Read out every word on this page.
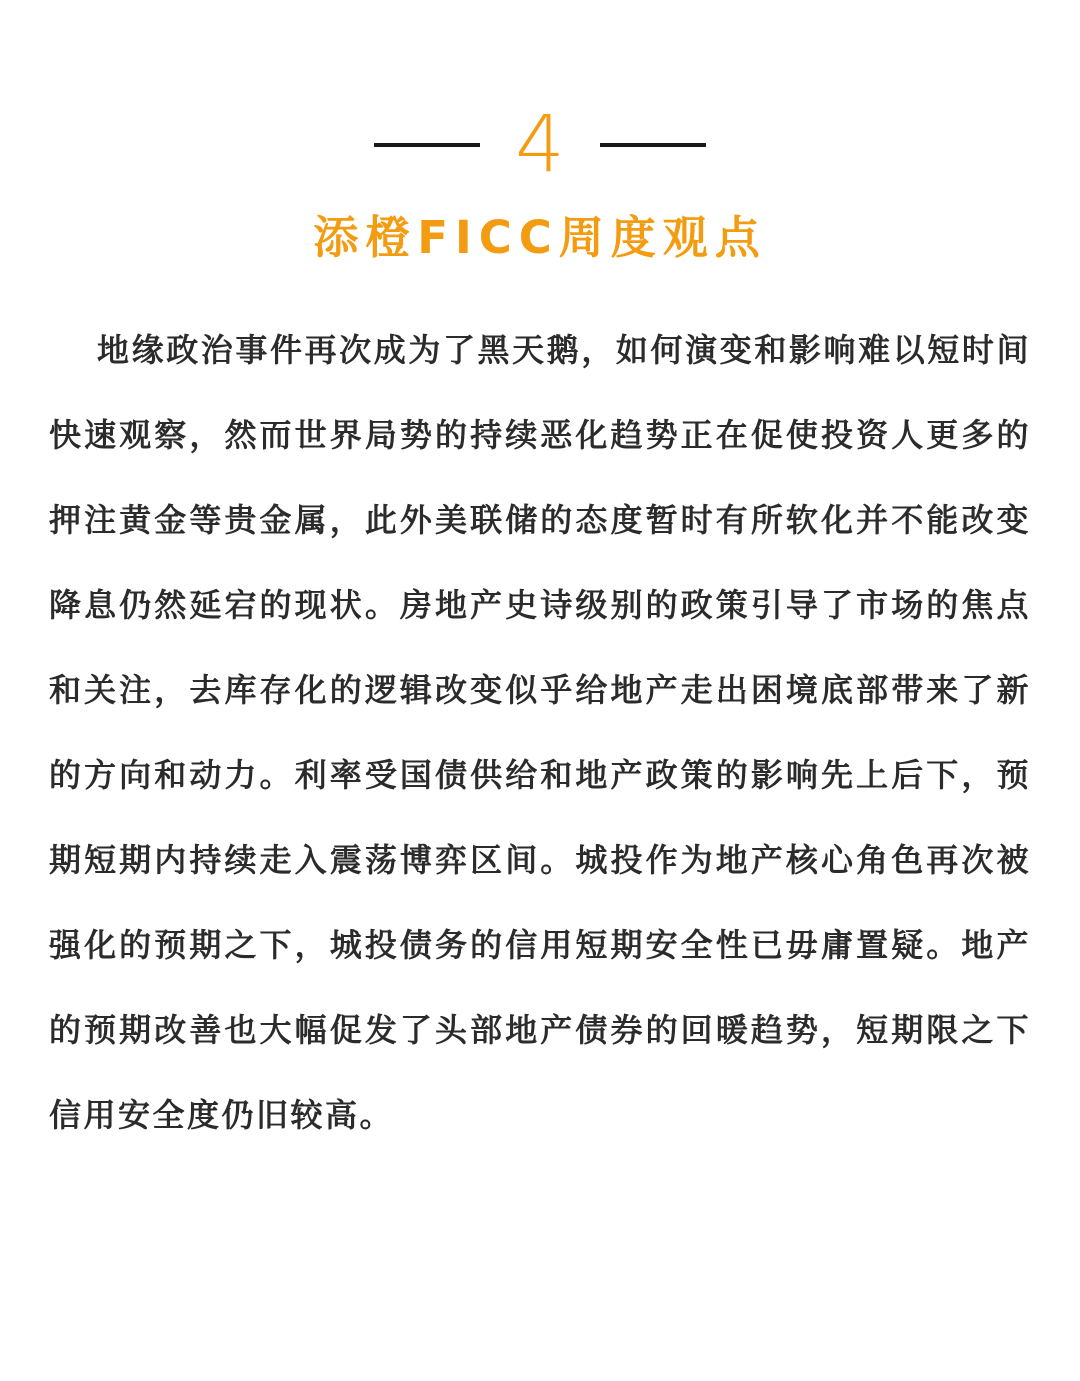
4
添橙FICC周度观点

地缘政治事件再次成为了黑天鹅，如何演变和影响难以短时间快速观察，然而世界局势的持续恶化趋势正在促使投资人更多的押注黄金等贵金属，此外美联储的态度暂时有所软化并不能改变降息仍然延宕的现状。房地产史诗级别的政策引导了市场的焦点和关注，去库存化的逻辑改变似乎给地产走出困境底部带来了新的方向和动力。利率受国债供给和地产政策的影响先上后下，预期短期内持续走入震荡博弈区间。城投作为地产核心角色再次被强化的预期之下，城投债务的信用短期安全性已毋庸置疑。地产的预期改善也大幅促发了头部地产债券的回暖趋势，短期限之下信用安全度仍旧较高。
